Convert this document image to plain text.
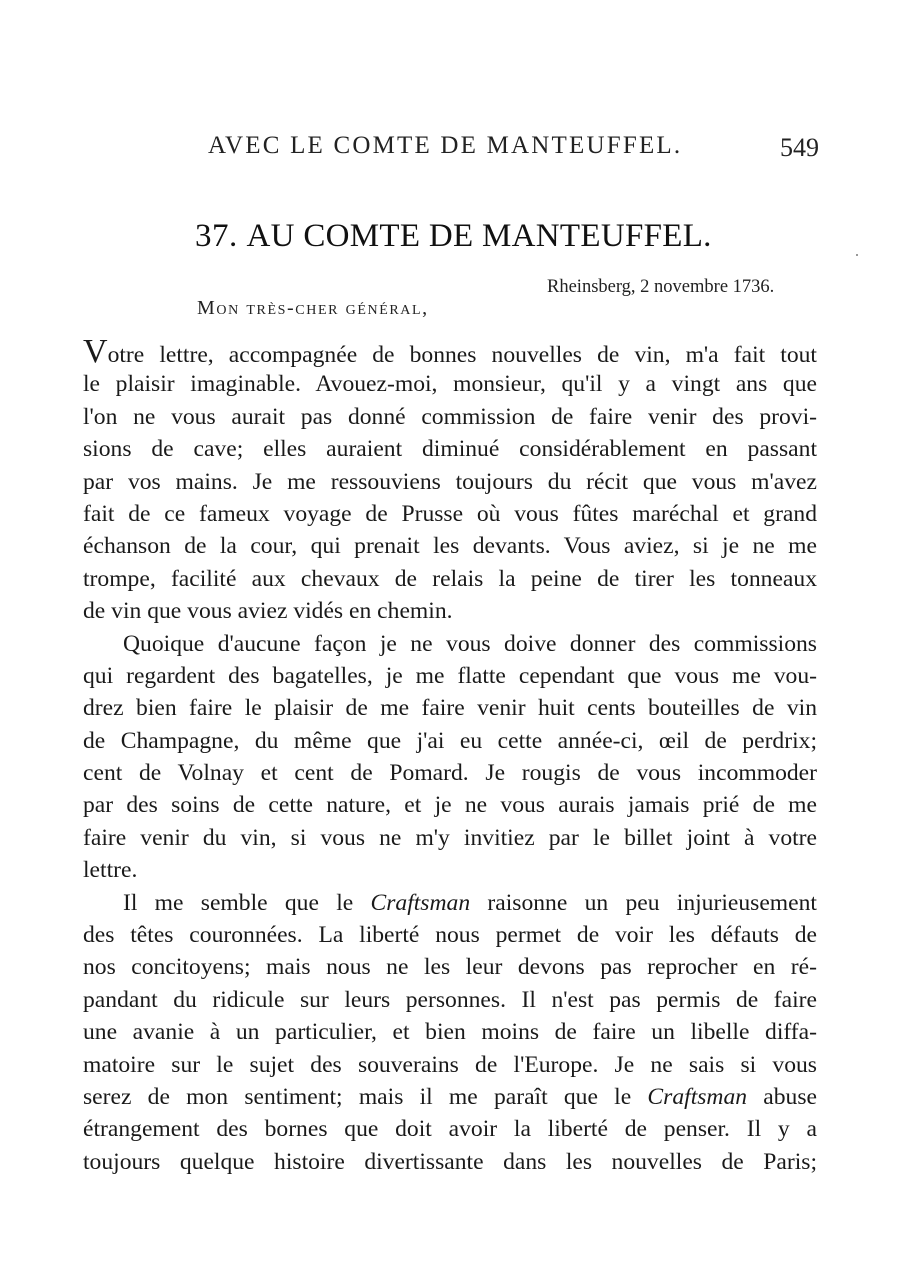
AVEC LE COMTE DE MANTEUFFEL.	549
37. AU COMTE DE MANTEUFFEL.
Rheinsberg, 2 novembre 1736.
Mon très-cher général,
Votre lettre, accompagnée de bonnes nouvelles de vin, m'a fait tout
le plaisir imaginable. Avouez-moi, monsieur, qu'il y a vingt ans que
l'on ne vous aurait pas donné commission de faire venir des provi-
sions de cave; elles auraient diminué considérablement en passant
par vos mains. Je me ressouviens toujours du récit que vous m'avez
fait de ce fameux voyage de Prusse où vous fûtes maréchal et grand
échanson de la cour, qui prenait les devants. Vous aviez, si je ne me
trompe, facilité aux chevaux de relais la peine de tirer les tonneaux
de vin que vous aviez vidés en chemin.
Quoique d'aucune façon je ne vous doive donner des commissions
qui regardent des bagatelles, je me flatte cependant que vous me vou-
drez bien faire le plaisir de me faire venir huit cents bouteilles de vin
de Champagne, du même que j'ai eu cette année-ci, œil de perdrix;
cent de Volnay et cent de Pomard. Je rougis de vous incommoder
par des soins de cette nature, et je ne vous aurais jamais prié de me
faire venir du vin, si vous ne m'y invitiez par le billet joint à votre
lettre.
Il me semble que le Craftsman raisonne un peu injurieusement
des têtes couronnées. La liberté nous permet de voir les défauts de
nos concitoyens; mais nous ne les leur devons pas reprocher en ré-
pandant du ridicule sur leurs personnes. Il n'est pas permis de faire
une avanie à un particulier, et bien moins de faire un libelle diffa-
matoire sur le sujet des souverains de l'Europe. Je ne sais si vous
serez de mon sentiment; mais il me paraît que le Craftsman abuse
étrangement des bornes que doit avoir la liberté de penser. Il y a
toujours quelque histoire divertissante dans les nouvelles de Paris;
